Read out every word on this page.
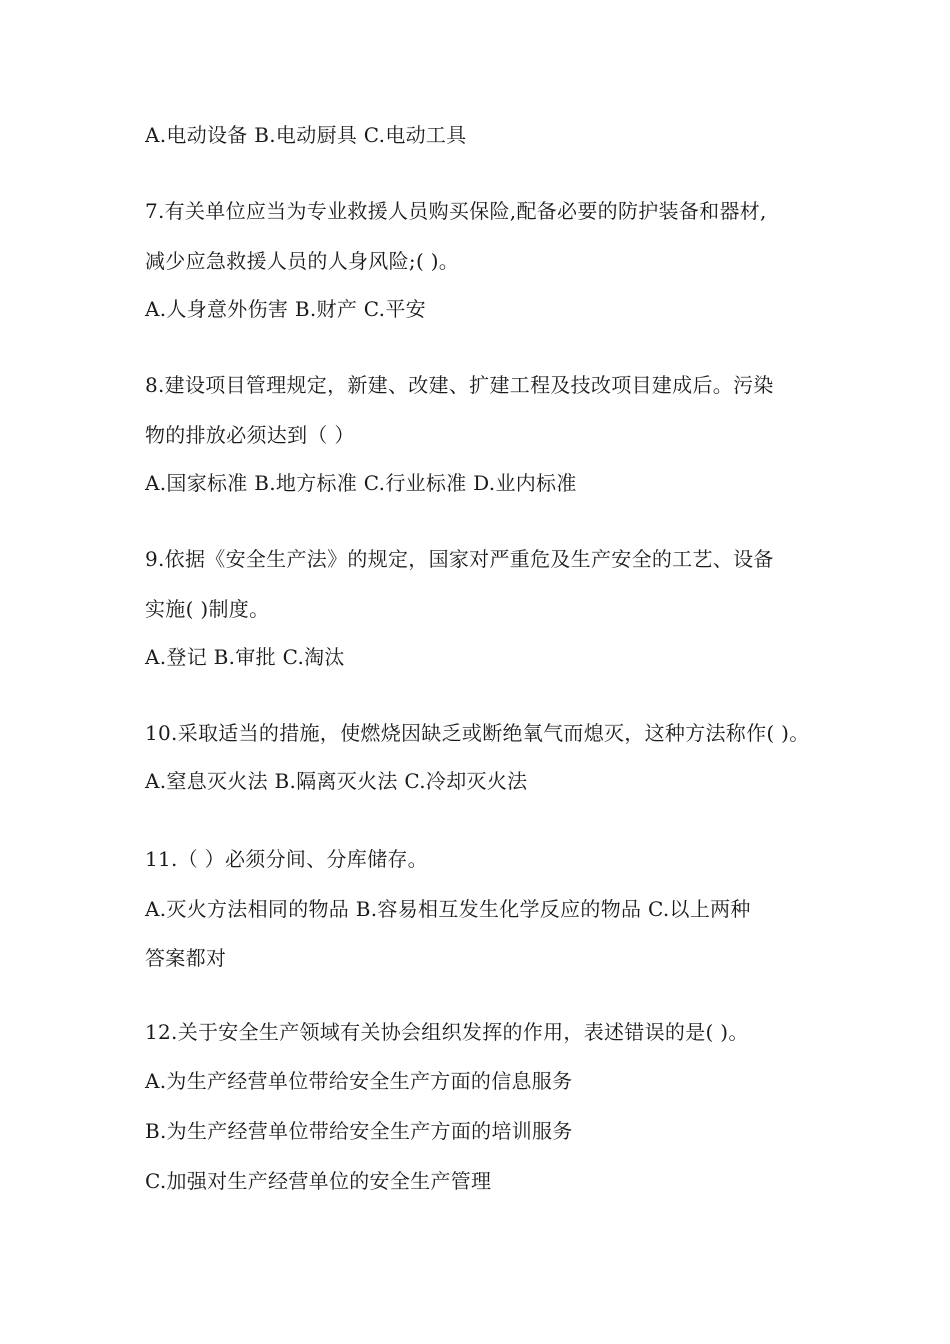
A.电动设备 B.电动厨具 C.电动工具
7.有关单位应当为专业救援人员购买保险,配备必要的防护装备和器材,
减少应急救援人员的人身风险;( )。
A.人身意外伤害 B.财产 C.平安
8.建设项目管理规定，新建、改建、扩建工程及技改项目建成后。污染
物的排放必须达到（ ）
A.国家标准 B.地方标准 C.行业标准 D.业内标准
9.依据《安全生产法》的规定，国家对严重危及生产安全的工艺、设备
实施( )制度。
A.登记 B.审批 C.淘汰
10.采取适当的措施，使燃烧因缺乏或断绝氧气而熄灭，这种方法称作( )。
A.窒息灭火法 B.隔离灭火法 C.冷却灭火法
11.（ ）必须分间、分库储存。
A.灭火方法相同的物品 B.容易相互发生化学反应的物品 C.以上两种
答案都对
12.关于安全生产领域有关协会组织发挥的作用，表述错误的是( )。
A.为生产经营单位带给安全生产方面的信息服务
B.为生产经营单位带给安全生产方面的培训服务
C.加强对生产经营单位的安全生产管理
